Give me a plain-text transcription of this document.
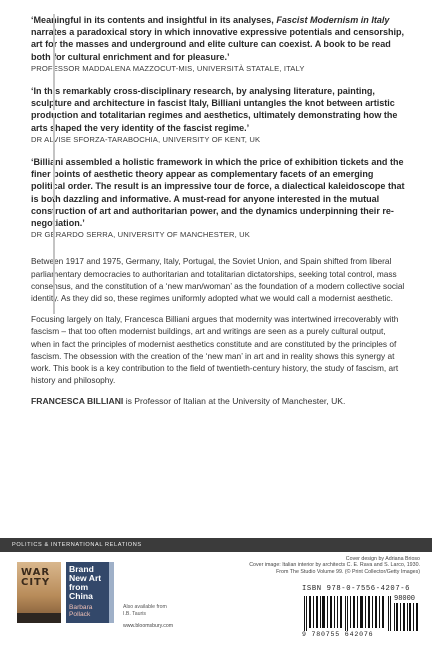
‘Meaningful in its contents and insightful in its analyses, Fascist Modernism in Italy narrates a paradoxical story in which innovative expressive potentials and censorship, art for the masses and underground and elite culture can coexist. A book to be read both for cultural enrichment and for pleasure.’
PROFESSOR MADDALENA MAZZOCUT-MIS, UNIVERSITÀ STATALE, ITALY

‘In this remarkably cross-disciplinary research, by analysing literature, painting, sculpture and architecture in fascist Italy, Billiani untangles the knot between artistic production and totalitarian regimes and aesthetics, ultimately demonstrating how the arts shaped the very identity of the fascist regime.’
DR ALVISE SFORZA-TARABOCHIA, UNIVERSITY OF KENT, UK

‘Billiani assembled a holistic framework in which the price of exhibition tickets and the finer points of aesthetic theory appear as complementary facets of an emerging political order. The result is an impressive tour de force, a dialectical kaleidoscope that is both dazzling and informative. A must-read for anyone interested in the mutual construction of art and authoritarian power, and the dynamics underpinning their re-negotiation.’
DR GERARDO SERRA, UNIVERSITY OF MANCHESTER, UK

Between 1917 and 1975, Germany, Italy, Portugal, the Soviet Union, and Spain shifted from liberal parliamentary democracies to authoritarian and totalitarian dictatorships, seeking total control, mass consensus, and the constitution of a ‘new man/woman’ as the foundation of a modern collective social identity. As they did so, these regimes uniformly adopted what we would call a modernist aesthetic.

Focusing largely on Italy, Francesca Billiani argues that modernity was intertwined irrecoverably with fascism – that too often modernist buildings, art and writings are seen as a purely cultural output, when in fact the principles of modernist aesthetics constitute and are constituted by the principles of fascism. The obsession with the creation of the ‘new man’ in art and in reality shows this synergy at work. This book is a key contribution to the field of twentieth-century history, the study of fascism, art history and philosophy.

FRANCESCA BILLIANI is Professor of Italian at the University of Manchester, UK.

POLITICS & INTERNATIONAL RELATIONS
WAR CITY
Brand New Art from China
Barbara Pollack
Also available from I.B. Tauris
www.bloomsbury.com
Cover design by Adriana Brioso
Cover image: Italian interior by architects C. E. Rava and S. Larco, 1930. From The Studio Volume 99. (© Print Collector/Getty Images)
ISBN 978-0-7556-4207-6
98000
9 780755 642076
